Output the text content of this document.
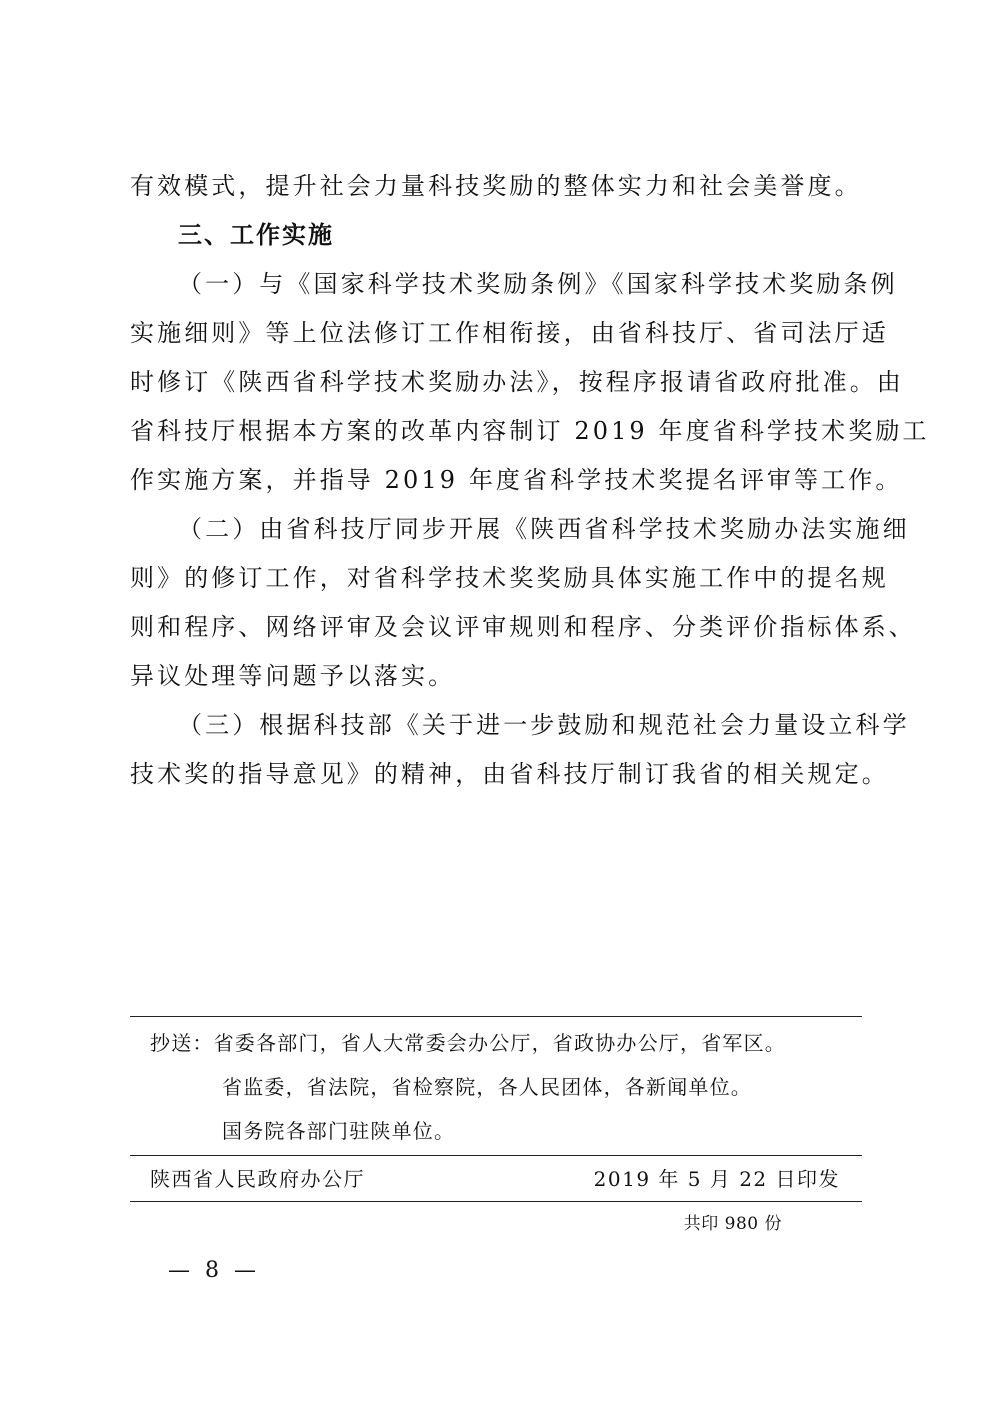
有效模式，提升社会力量科技奖励的整体实力和社会美誉度。
三、工作实施
（一）与《国家科学技术奖励条例》《国家科学技术奖励条例
实施细则》等上位法修订工作相衔接，由省科技厅、省司法厅适
时修订《陕西省科学技术奖励办法》，按程序报请省政府批准。由
省科技厅根据本方案的改革内容制订 2019 年度省科学技术奖励工
作实施方案，并指导 2019 年度省科学技术奖提名评审等工作。
（二）由省科技厅同步开展《陕西省科学技术奖励办法实施细
则》的修订工作，对省科学技术奖奖励具体实施工作中的提名规
则和程序、网络评审及会议评审规则和程序、分类评价指标体系、
异议处理等问题予以落实。
（三）根据科技部《关于进一步鼓励和规范社会力量设立科学
技术奖的指导意见》的精神，由省科技厅制订我省的相关规定。
抄送：省委各部门，省人大常委会办公厅，省政协办公厅，省军区。
省监委，省法院，省检察院，各人民团体，各新闻单位。
国务院各部门驻陕单位。
陕西省人民政府办公厅	2019 年 5 月 22 日印发
共印 980 份
— 8 —
